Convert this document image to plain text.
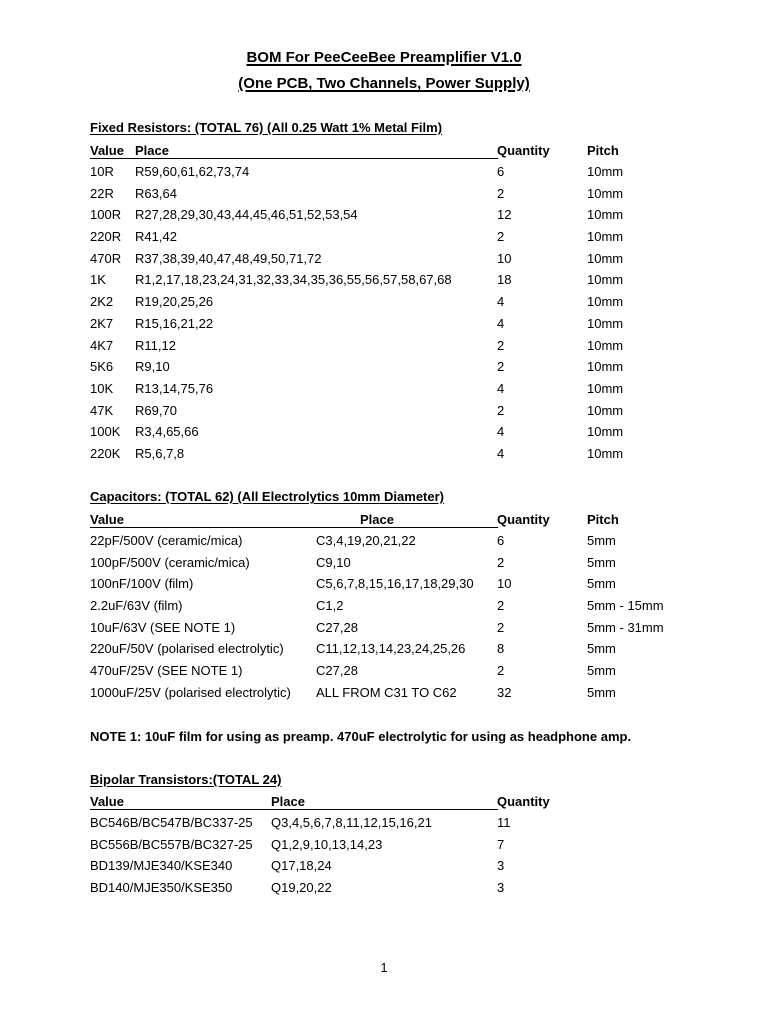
BOM For PeeCeeBee Preamplifier V1.0
(One PCB, Two Channels, Power Supply)
Fixed Resistors: (TOTAL 76) (All 0.25 Watt 1% Metal Film)
Value Place	Quantity	Pitch
10R R59,60,61,62,73,74	6	10mm
22R R63,64	2	10mm
100R R27,28,29,30,43,44,45,46,51,52,53,54	12	10mm
220R R41,42	2	10mm
470R R37,38,39,40,47,48,49,50,71,72	10	10mm
1K R1,2,17,18,23,24,31,32,33,34,35,36,55,56,57,58,67,68	18	10mm
2K2 R19,20,25,26	4	10mm
2K7 R15,16,21,22	4	10mm
4K7 R11,12	2	10mm
5K6 R9,10	2	10mm
10K R13,14,75,76	4	10mm
47K R69,70	2	10mm
100K R3,4,65,66	4	10mm
220K R5,6,7,8	4	10mm
Capacitors: (TOTAL 62) (All Electrolytics 10mm Diameter)
Value	Place	Quantity	Pitch
22pF/500V (ceramic/mica)	C3,4,19,20,21,22	6	5mm
100pF/500V (ceramic/mica)	C9,10	2	5mm
100nF/100V (film)	C5,6,7,8,15,16,17,18,29,30 10	5mm
2.2uF/63V (film)	C1,2	2	5mm - 15mm
10uF/63V (SEE NOTE 1)	C27,28	2	5mm - 31mm
220uF/50V (polarised electrolytic) C11,12,13,14,23,24,25,26 8	5mm
470uF/25V (SEE NOTE 1)	C27,28	2	5mm
1000uF/25V (polarised electrolytic) ALL FROM C31 TO C62	32	5mm
NOTE 1: 10uF film for using as preamp. 470uF electrolytic for using as headphone amp.
Bipolar Transistors:(TOTAL 24)
Value	Place	Quantity
BC546B/BC547B/BC337-25 Q3,4,5,6,7,8,11,12,15,16,21	11
BC556B/BC557B/BC327-25 Q1,2,9,10,13,14,23	7
BD139/MJE340/KSE340	Q17,18,24	3
BD140/MJE350/KSE350	Q19,20,22	3
1
